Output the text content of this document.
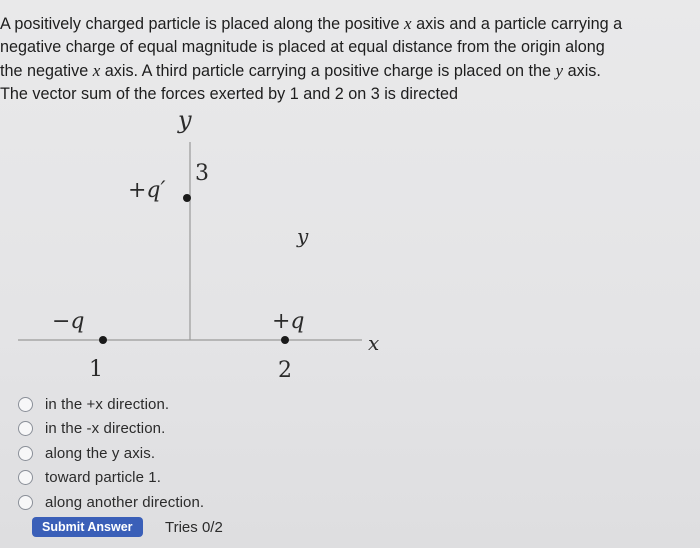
A positively charged particle is placed along the positive x axis and a particle carrying a
negative charge of equal magnitude is placed at equal distance from the origin along
the negative x axis. A third particle carrying a positive charge is placed on the y axis.
The vector sum of the forces exerted by 1 and 2 on 3 is directed
y
x
y
+q′
3
−q
1
+q
2
in the +x direction.
in the -x direction.
along the y axis.
toward particle 1.
along another direction.
Submit Answer	Tries 0/2
